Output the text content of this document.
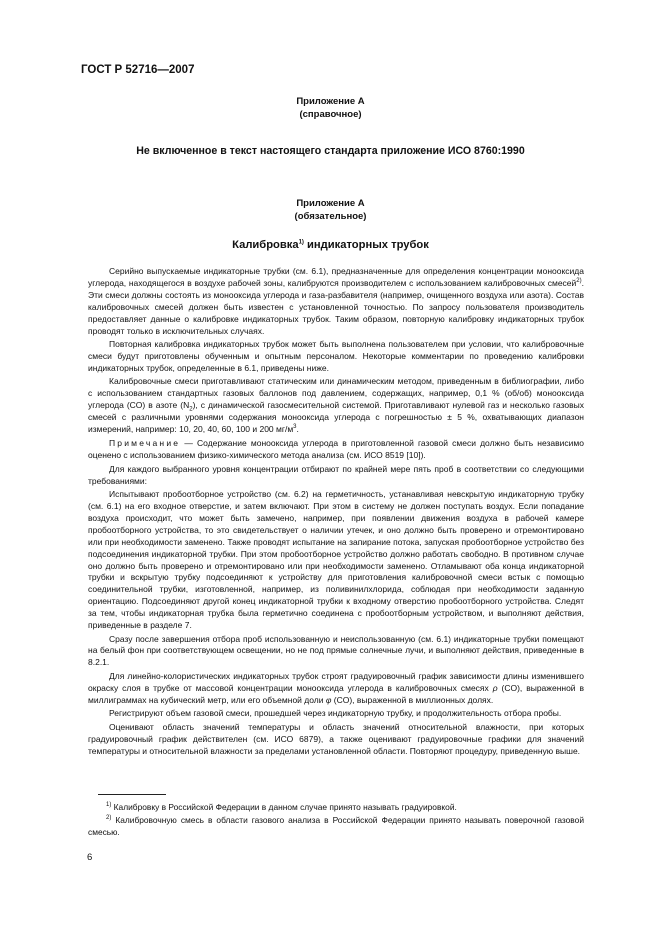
ГОСТ Р 52716—2007
Приложение А
(справочное)
Не включенное в текст настоящего стандарта приложение ИСО 8760:1990
Приложение А
(обязательное)
Калибровка$^{1)}$ индикаторных трубок

Серийно выпускаемые индикаторные трубки (см. 6.1), предназначенные для определения концентрации монооксида углерода, находящегося в воздухе рабочей зоны, калибруются производителем с использованием калибровочных смесей$^{2)}$. Эти смеси должны состоять из монооксида углерода и газа-разбавителя (например, очищенного воздуха или азота). Состав калибровочных смесей должен быть известен с установленной точностью. По запросу пользователя производитель предоставляет данные о калибровке индикаторных трубок. Таким образом, повторную калибровку индикаторных трубок проводят только в исключительных случаях.

Повторная калибровка индикаторных трубок может быть выполнена пользователем при условии, что калибровочные смеси будут приготовлены обученным и опытным персоналом. Некоторые комментарии по проведению калибровки индикаторных трубок, определенные в 6.1, приведены ниже.

Калибровочные смеси приготавливают статическим или динамическим методом, приведенным в библиографии, либо с использованием стандартных газовых баллонов под давлением, содержащих, например, 0,1 % (об/об) монооксида углерода (CO) в азоте $(N_2)$, с динамической газосмесительной системой. Приготавливают нулевой газ и несколько газовых смесей с различными уровнями содержания монооксида углерода с погрешностью ± 5 %, охватывающих диапазон измерений, например: 10, 20, 40, 60, 100 и 200 $мг/м^3$.

Примечание — Содержание монооксида углерода в приготовленной газовой смеси должно быть независимо оценено с использованием физико-химического метода анализа (см. ИСО 8519 [10]).

Для каждого выбранного уровня концентрации отбирают по крайней мере пять проб в соответствии со следующими требованиями:

Испытывают пробоотборное устройство (см. 6.2) на герметичность, устанавливая невскрытую индикаторную трубку (см. 6.1) на его входное отверстие, и затем включают. При этом в систему не должен поступать воздух. Если попадание воздуха происходит, что может быть замечено, например, при появлении движения воздуха в рабочей камере пробоотборного устройства, то это свидетельствует о наличии утечек, и оно должно быть проверено и отремонтировано или при необходимости заменено. Также проводят испытание на запирание потока, запуская пробоотборное устройство без подсоединения индикаторной трубки. При этом пробоотборное устройство должно работать свободно. В противном случае оно должно быть проверено и отремонтировано или при необходимости заменено. Отламывают оба конца индикаторной трубки и вскрытую трубку подсоединяют к устройству для приготовления калибровочной смеси встык с помощью соединительной трубки, изготовленной, например, из поливинилхлорида, соблюдая при необходимости заданную ориентацию. Подсоединяют другой конец индикаторной трубки к входному отверстию пробоотборного устройства. Следят за тем, чтобы индикаторная трубка была герметично соединена с пробоотборным устройством, и выполняют действия, приведенные в разделе 7.

Сразу после завершения отбора проб использованную и неиспользованную (см. 6.1) индикаторные трубки помещают на белый фон при соответствующем освещении, но не под прямые солнечные лучи, и выполняют действия, приведенные в 8.2.1.

Для линейно-колористических индикаторных трубок строят градуировочный график зависимости длины изменившего окраску слоя в трубке от массовой концентрации монооксида углерода в калибровочных смесях ρ (CO), выраженной в миллиграммах на кубический метр, или его объемной доли φ (CO), выраженной в миллионных долях.

Регистрируют объем газовой смеси, прошедшей через индикаторную трубку, и продолжительность отбора пробы.

Оценивают область значений температуры и область значений относительной влажности, при которых градуировочный график действителен (см. ИСО 6879), а также оценивают градуировочные графики для значений температуры и относительной влажности за пределами установленной области. Повторяют процедуру, приведенную выше.

$^{1)}$ Калибровку в Российской Федерации в данном случае принято называть градуировкой.

$^{2)}$ Калибровочную смесь в области газового анализа в Российской Федерации принято называть поверочной газовой смесью.

6
